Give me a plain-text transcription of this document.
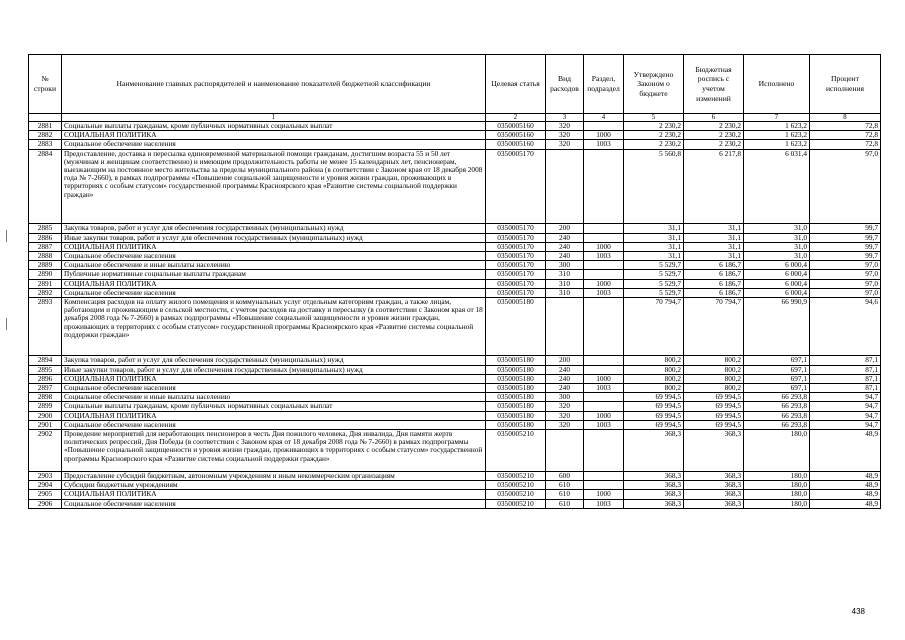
№ строки	Наименование главных распорядителей и наименование показателей бюджетной классификации	Целевая статья	Вид расходов	Раздел, подраздел	Утверждено Законом о бюджете	Бюджетная роспись с учетом изменений	Исполнено	Процент исполнения
	1	2	3	4	5	6	7	8
2881	Социальные выплаты гражданам, кроме публичных нормативных социальных выплат	0350005160	320		2 230,2	2 230,2	1 623,2	72,8
2882	СОЦИАЛЬНАЯ ПОЛИТИКА	0350005160	320	1000	2 230,2	2 230,2	1 623,2	72,8
2883	Социальное обеспечение населения	0350005160	320	1003	2 230,2	2 230,2	1 623,2	72,8
2884	Предоставление, доставка и пересылка единовременной материальной помощи гражданам, достигшим возраста 55 и 50 лет (мужчинам и женщинам соответственно) и имеющим продолжительность работы не менее 15 календарных лет, пенсионерам, выезжающим на постоянное место жительства за пределы муниципального района (в соответствии с Законом края от 18 декабря 2008 года № 7-2660), в рамках подпрограммы «Повышение социальной защищенности и уровня жизни граждан, проживающих в территориях с особым статусом» государственной программы Красноярского края «Развитие системы социальной поддержки граждан»	0350005170			5 560,8	6 217,8	6 031,4	97,0
2885	Закупка товаров, работ и услуг для обеспечения государственных (муниципальных) нужд	0350005170	200		31,1	31,1	31,0	99,7
2886	Иные закупки товаров, работ и услуг для обеспечения государственных (муниципальных) нужд	0350005170	240		31,1	31,1	31,0	99,7
2887	СОЦИАЛЬНАЯ ПОЛИТИКА	0350005170	240	1000	31,1	31,1	31,0	99,7
2888	Социальное обеспечение населения	0350005170	240	1003	31,1	31,1	31,0	99,7
2889	Социальное обеспечение и иные выплаты населению	0350005170	300		5 529,7	6 186,7	6 000,4	97,0
2890	Публичные нормативные социальные выплаты гражданам	0350005170	310		5 529,7	6 186,7	6 000,4	97,0
2891	СОЦИАЛЬНАЯ ПОЛИТИКА	0350005170	310	1000	5 529,7	6 186,7	6 000,4	97,0
2892	Социальное обеспечение населения	0350005170	310	1003	5 529,7	6 186,7	6 000,4	97,0
2893	Компенсация расходов на оплату жилого помещения и коммунальных услуг отдельным категориям граждан, а также лицам, работающим и проживающим в сельской местности, с учетом расходов на доставку и пересылку (в соответствии с Законом края от 18 декабря 2008 года № 7-2660) в рамках подпрограммы «Повышение социальной защищенности и уровня жизни граждан, проживающих в территориях с особым статусом» государственной программы Красноярского края «Развитие системы социальной поддержки граждан»	0350005180			70 794,7	70 794,7	66 990,9	94,6
2894	Закупка товаров, работ и услуг для обеспечения государственных (муниципальных) нужд	0350005180	200		800,2	800,2	697,1	87,1
2895	Иные закупки товаров, работ и услуг для обеспечения государственных (муниципальных) нужд	0350005180	240		800,2	800,2	697,1	87,1
2896	СОЦИАЛЬНАЯ ПОЛИТИКА	0350005180	240	1000	800,2	800,2	697,1	87,1
2897	Социальное обеспечение населения	0350005180	240	1003	800,2	800,2	697,1	87,1
2898	Социальное обеспечение и иные выплаты населению	0350005180	300		69 994,5	69 994,5	66 293,8	94,7
2899	Социальные выплаты гражданам, кроме публичных нормативных социальных выплат	0350005180	320		69 994,5	69 994,5	66 293,8	94,7
2900	СОЦИАЛЬНАЯ ПОЛИТИКА	0350005180	320	1000	69 994,5	69 994,5	66 293,8	94,7
2901	Социальное обеспечение населения	0350005180	320	1003	69 994,5	69 994,5	66 293,8	94,7
2902	Проведение мероприятий для неработающих пенсионеров в честь Дня пожилого человека, Дня инвалида, Дня памяти жертв политических репрессий, Дня Победы (в соответствии с Законом края от 18 декабря 2008 года № 7-2660) в рамках подпрограммы «Повышение социальной защищенности и уровня жизни граждан, проживающих в территориях с особым статусом» государственной программы Красноярского края «Развитие системы социальной поддержки граждан»	0350005210			368,3	368,3	180,0	48,9
2903	Предоставление субсидий бюджетным, автономным учреждениям и иным некоммерческим организациям	0350005210	600		368,3	368,3	180,0	48,9
2904	Субсидии бюджетным учреждениям	0350005210	610		368,3	368,3	180,0	48,9
2905	СОЦИАЛЬНАЯ ПОЛИТИКА	0350005210	610	1000	368,3	368,3	180,0	48,9
2906	Социальное обеспечение населения	0350005210	610	1003	368,3	368,3	180,0	48,9
438
